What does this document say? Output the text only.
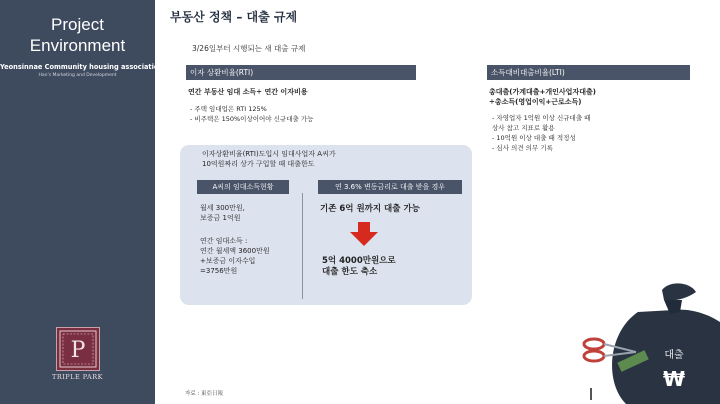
Project
Environment
Yeonsinnae Community housing association
Han's Marketing and Development
P
TRIPLE PARK
부동산 정책 – 대출 규제
3/26일부터 시행되는 새 대출 규제
이자 상환비율(RTI)
연간 부동산 임대 소득÷ 연간 이자비용
- 주택 임대업은 RTI 125%
- 비주택은 150%이상이어야 신규대출 가능
소득대비대출비율(LTI)
총대출(가계대출+개인사업자대출)
÷총소득(영업이익+근로소득)
- 자영업자 1억원 이상 신규대출 때
상사 참고 지표로 활용
- 10억원 이상 대출 때 적정성
- 심사 의견 의무 기록
이자상환비율(RTI)도입시 임대사업자 A씨가
10억원짜리 상가 구입할 때 대출한도
A씨의 임대소득현황	연 3.6% 변동금리로 대출 받을 경우
월세 300만원,
보증금 1억원
연간 임대소득 :
연간 월세액 3600만원
+보증금 이자수입
=3756만원
기존 6억 원까지 대출 가능
5억 4000만원으로
대출 한도 축소
대출
₩
자료 : 東亞日報
